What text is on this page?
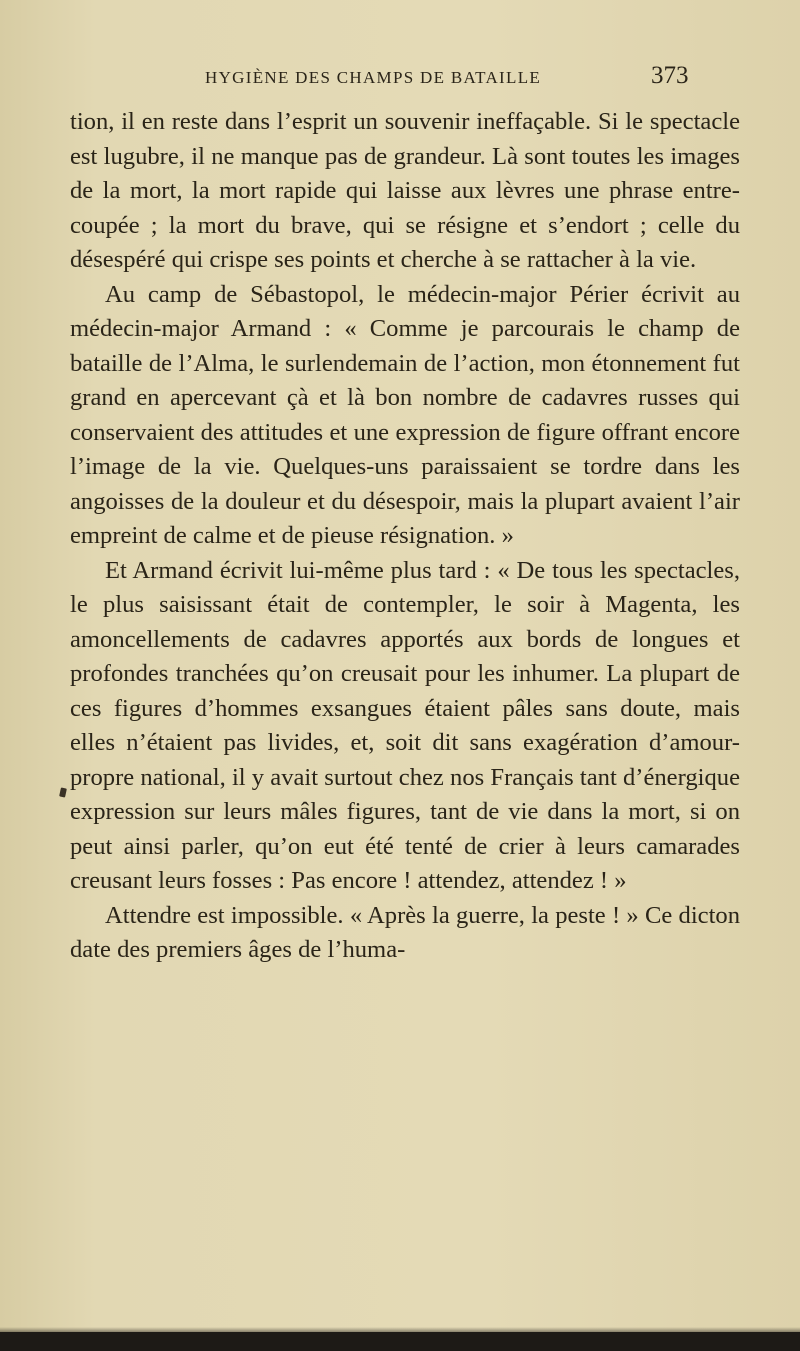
HYGIÈNE DES CHAMPS DE BATAILLE	373

tion, il en reste dans l’esprit un souvenir ineffaçable. Si le spectacle est lugubre, il ne manque pas de grandeur. Là sont toutes les images de la mort, la mort rapide qui laisse aux lèvres une phrase entrecoupée ; la mort du brave, qui se résigne et s’endort ; celle du désespéré qui crispe ses points et cherche à se rattacher à la vie.

Au camp de Sébastopol, le médecin-major Périer écrivit au médecin-major Armand : « Comme je parcourais le champ de bataille de l’Alma, le surlendemain de l’action, mon étonnement fut grand en apercevant çà et là bon nombre de cadavres russes qui conservaient des attitudes et une expression de figure offrant encore l’image de la vie. Quelques-uns paraissaient se tordre dans les angoisses de la douleur et du désespoir, mais la plupart avaient l’air empreint de calme et de pieuse résignation. »

Et Armand écrivit lui-même plus tard : « De tous les spectacles, le plus saisissant était de contempler, le soir à Magenta, les amoncellements de cadavres apportés aux bords de longues et profondes tranchées qu’on creusait pour les inhumer. La plupart de ces figures d’hommes exsangues étaient pâles sans doute, mais elles n’étaient pas livides, et, soit dit sans exagération d’amour-propre national, il y avait surtout chez nos Français tant d’énergique expression sur leurs mâles figures, tant de vie dans la mort, si on peut ainsi parler, qu’on eut été tenté de crier à leurs camarades creusant leurs fosses : Pas encore ! attendez, attendez ! »

Attendre est impossible. « Après la guerre, la peste ! » Ce dicton date des premiers âges de l’huma-
